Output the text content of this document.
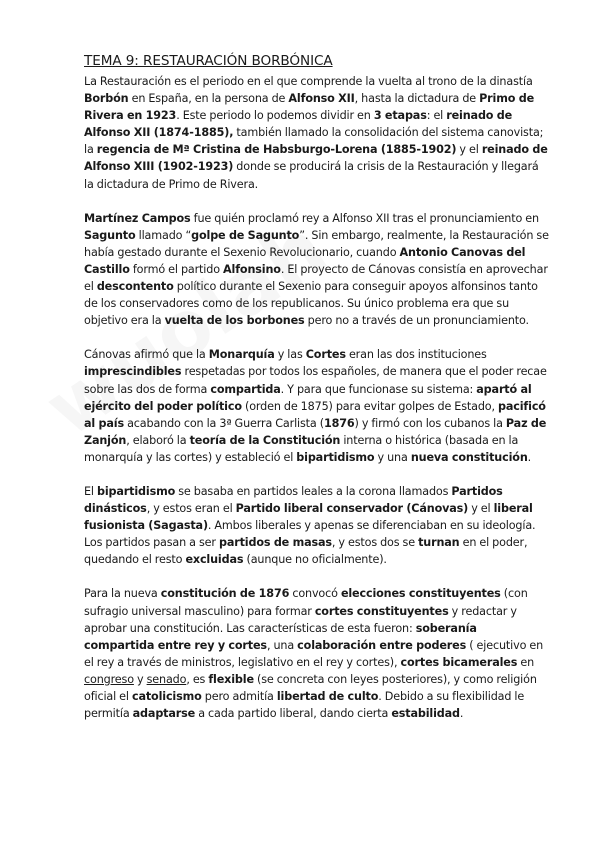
TEMA 9: RESTAURACIÓN BORBÓNICA

La Restauración es el periodo en el que comprende la vuelta al trono de la dinastía Borbón en España, en la persona de Alfonso XII, hasta la dictadura de Primo de Rivera en 1923. Este periodo lo podemos dividir en 3 etapas: el reinado de Alfonso XII (1874-1885), también llamado la consolidación del sistema canovista; la regencia de Mª Cristina de Habsburgo-Lorena (1885-1902) y el reinado de Alfonso XIII (1902-1923) donde se producirá la crisis de la Restauración y llegará la dictadura de Primo de Rivera.

Martínez Campos fue quién proclamó rey a Alfonso XII tras el pronunciamiento en Sagunto llamado “golpe de Sagunto”. Sin embargo, realmente, la Restauración se había gestado durante el Sexenio Revolucionario, cuando Antonio Canovas del Castillo formó el partido Alfonsino. El proyecto de Cánovas consistía en aprovechar el descontento político durante el Sexenio para conseguir apoyos alfonsinos tanto de los conservadores como de los republicanos. Su único problema era que su objetivo era la vuelta de los borbones pero no a través de un pronunciamiento.

Cánovas afirmó que la Monarquía y las Cortes eran las dos instituciones imprescindibles respetadas por todos los españoles, de manera que el poder recae sobre las dos de forma compartida. Y para que funcionase su sistema: apartó al ejército del poder político (orden de 1875) para evitar golpes de Estado, pacificó al país acabando con la 3ª Guerra Carlista (1876) y firmó con los cubanos la Paz de Zanjón, elaboró la teoría de la Constitución interna o histórica (basada en la monarquía y las cortes) y estableció el bipartidismo y una nueva constitución.

El bipartidismo se basaba en partidos leales a la corona llamados Partidos dinásticos, y estos eran el Partido liberal conservador (Cánovas) y el liberal fusionista (Sagasta). Ambos liberales y apenas se diferenciaban en su ideología. Los partidos pasan a ser partidos de masas, y estos dos se turnan en el poder, quedando el resto excluidas (aunque no oficialmente).

Para la nueva constitución de 1876 convocó elecciones constituyentes (con sufragio universal masculino) para formar cortes constituyentes y redactar y aprobar una constitución. Las características de esta fueron: soberanía compartida entre rey y cortes, una colaboración entre poderes ( ejecutivo en el rey a través de ministros, legislativo en el rey y cortes), cortes bicamerales en congreso y senado, es flexible (se concreta con leyes posteriores), y como religión oficial el catolicismo pero admitía libertad de culto. Debido a su flexibilidad le permitía adaptarse a cada partido liberal, dando cierta estabilidad.
